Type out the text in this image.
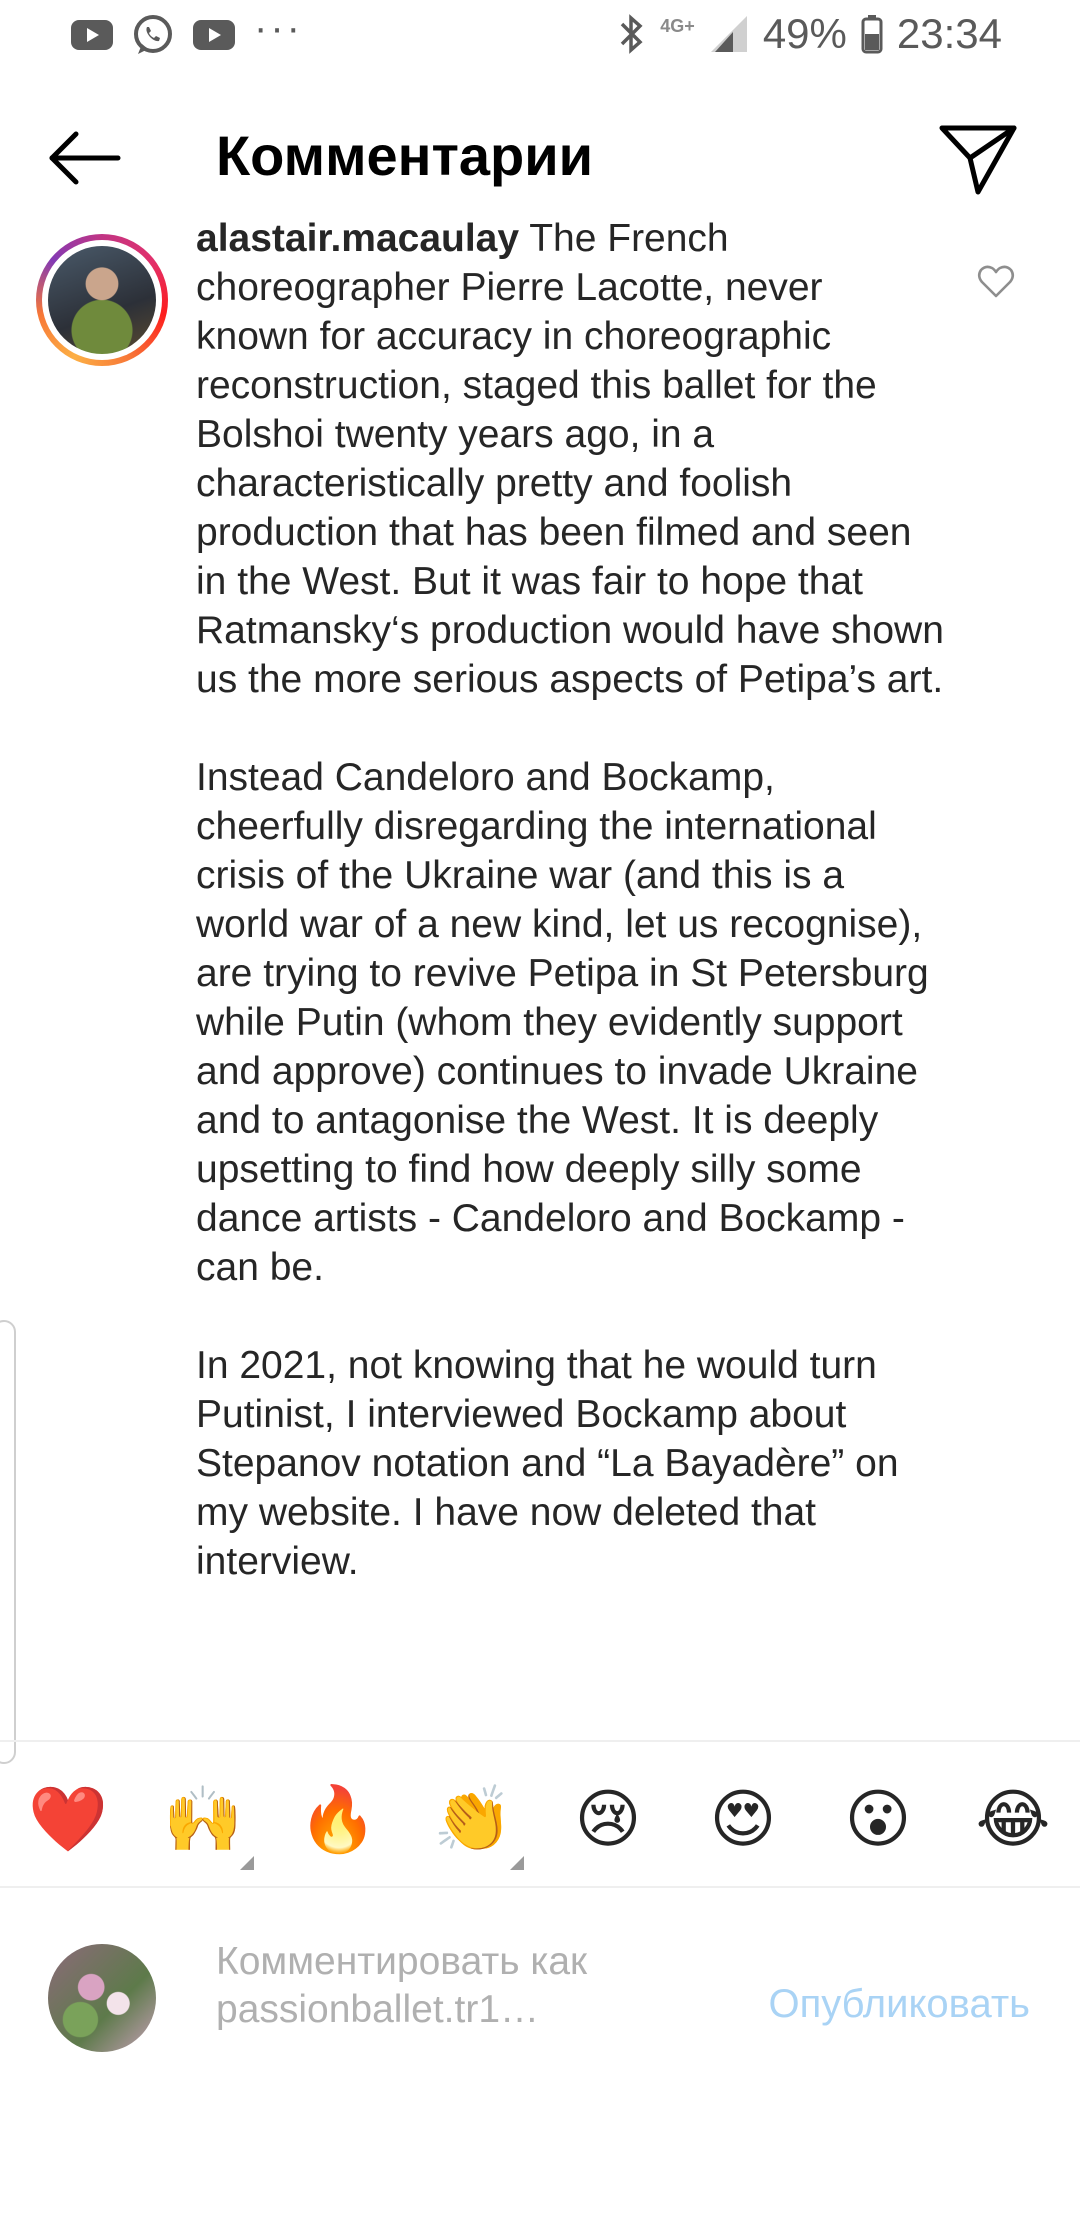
···	4G+ 49% 23:34
Комментарии
alastair.macaulay The French choreographer Pierre Lacotte, never known for accuracy in choreographic reconstruction, staged this ballet for the Bolshoi twenty years ago, in a characteristically pretty and foolish production that has been filmed and seen in the West. But it was fair to hope that Ratmansky‘s production would have shown us the more serious aspects of Petipa’s art.

Instead Candeloro and Bockamp, cheerfully disregarding the international crisis of the Ukraine war (and this is a world war of a new kind, let us recognise), are trying to revive Petipa in St Petersburg while Putin (whom they evidently support and approve) continues to invade Ukraine and to antagonise the West. It is deeply upsetting to find how deeply silly some dance artists - Candeloro and Bockamp - can be.

In 2021, not knowing that he would turn Putinist, I interviewed Bockamp about Stepanov notation and “La Bayadère” on my website. I have now deleted that interview.
❤️ 🙌 🔥 👏 😢 😍 😮 😂
Комментировать как
passionballet.tr1…	Опубликовать
